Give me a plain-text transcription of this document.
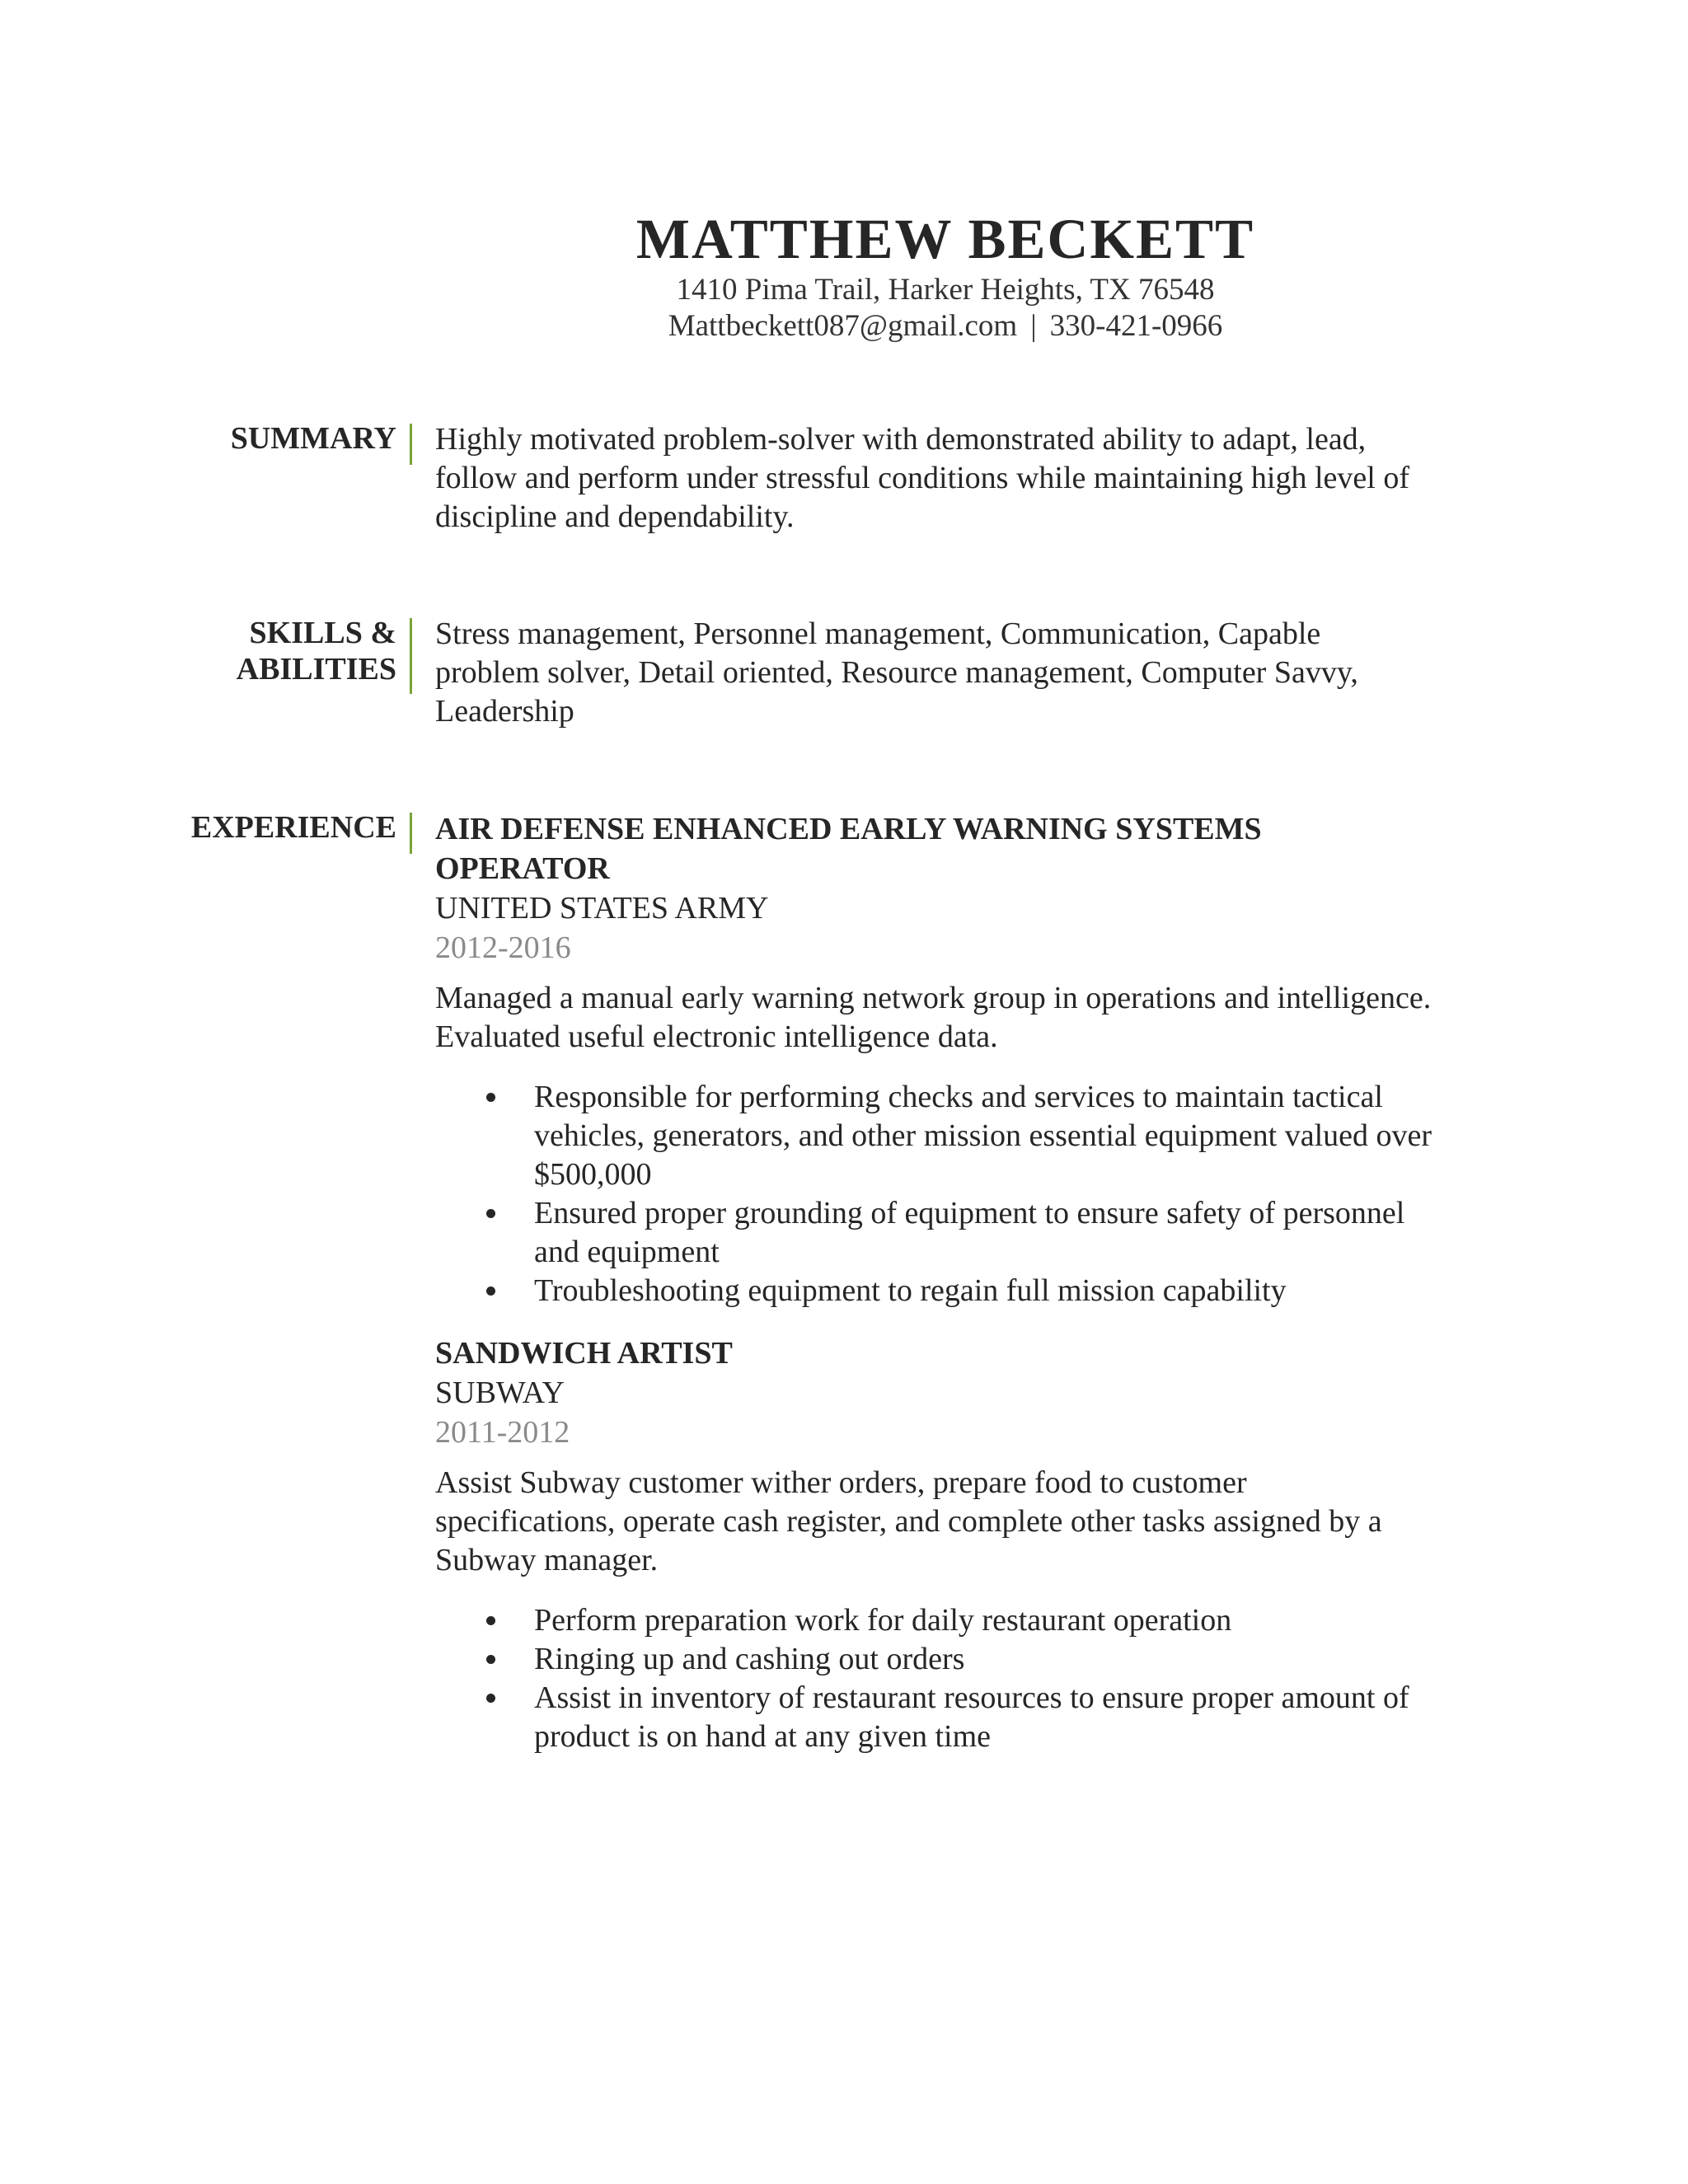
MATTHEW BECKETT
1410 Pima Trail, Harker Heights, TX 76548
Mattbeckett087@gmail.com | 330-421-0966
SUMMARY Highly motivated problem-solver with demonstrated ability to adapt, lead, follow and perform under stressful conditions while maintaining high level of discipline and dependability.

SKILLS &
ABILITIES

Stress management, Personnel management, Communication, Capable problem solver, Detail oriented, Resource management, Computer Savvy, Leadership

EXPERIENCE AIR DEFENSE ENHANCED EARLY WARNING SYSTEMS OPERATOR

UNITED STATES ARMY

2012-2016

Managed a manual early warning network group in operations and intelligence. Evaluated useful electronic intelligence data.

Responsible for performing checks and services to maintain tactical vehicles, generators, and other mission essential equipment valued over $500,000
Ensured proper grounding of equipment to ensure safety of personnel and equipment
Troubleshooting equipment to regain full mission capability

SANDWICH ARTIST

SUBWAY

2011-2012

Assist Subway customer wither orders, prepare food to customer specifications, operate cash register, and complete other tasks assigned by a Subway manager.

Perform preparation work for daily restaurant operation
Ringing up and cashing out orders
Assist in inventory of restaurant resources to ensure proper amount of product is on hand at any given time
